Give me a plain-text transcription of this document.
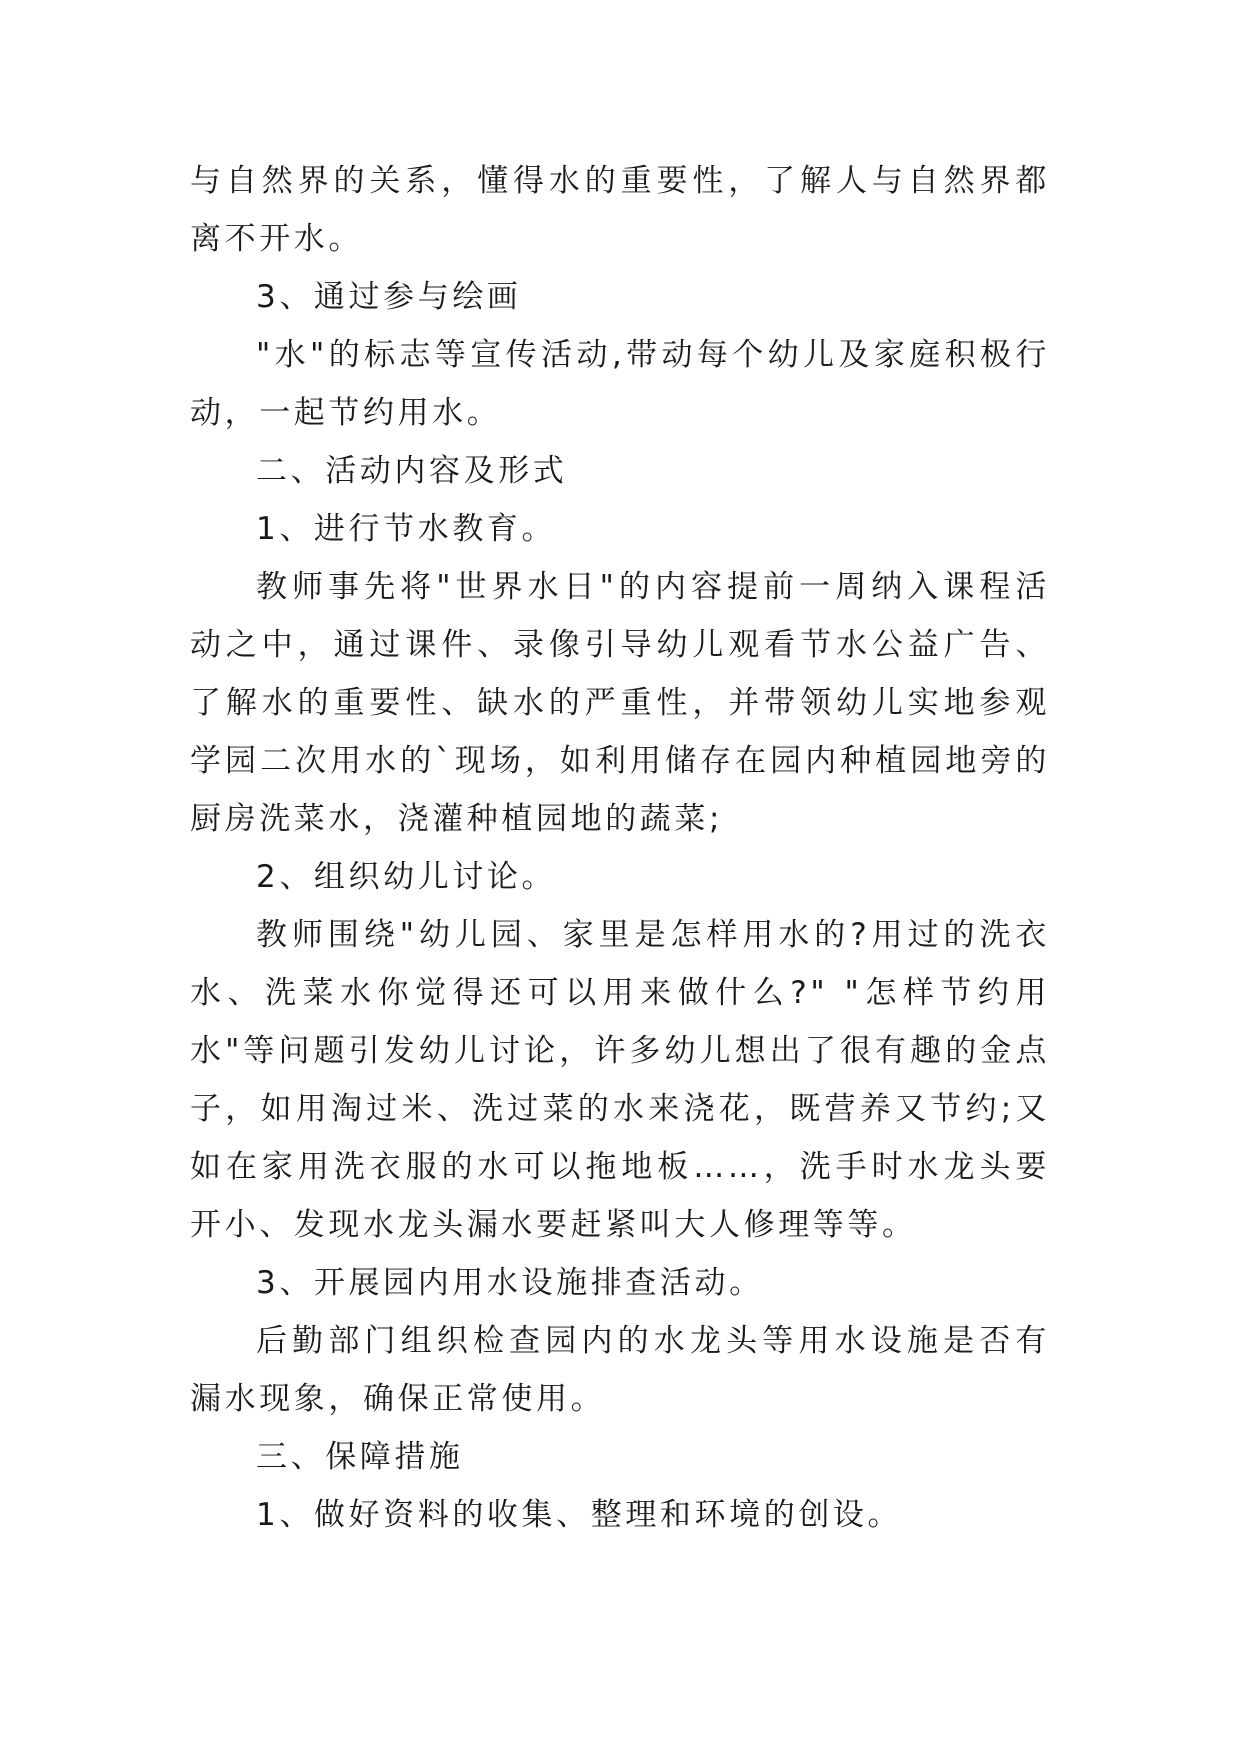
与自然界的关系，懂得水的重要性，了解人与自然界都离不开水。

3、通过参与绘画

"水"的标志等宣传活动,带动每个幼儿及家庭积极行动，一起节约用水。

二、活动内容及形式

1、进行节水教育。

教师事先将"世界水日"的内容提前一周纳入课程活动之中，通过课件、录像引导幼儿观看节水公益广告、了解水的重要性、缺水的严重性，并带领幼儿实地参观学园二次用水的`现场，如利用储存在园内种植园地旁的厨房洗菜水，浇灌种植园地的蔬菜;

2、组织幼儿讨论。

教师围绕"幼儿园、家里是怎样用水的?用过的洗衣水、洗菜水你觉得还可以用来做什么?" "怎样节约用水"等问题引发幼儿讨论，许多幼儿想出了很有趣的金点子，如用淘过米、洗过菜的水来浇花，既营养又节约;又如在家用洗衣服的水可以拖地板……，洗手时水龙头要开小、发现水龙头漏水要赶紧叫大人修理等等。

3、开展园内用水设施排查活动。

后勤部门组织检查园内的水龙头等用水设施是否有漏水现象，确保正常使用。

三、保障措施

1、做好资料的收集、整理和环境的创设。
